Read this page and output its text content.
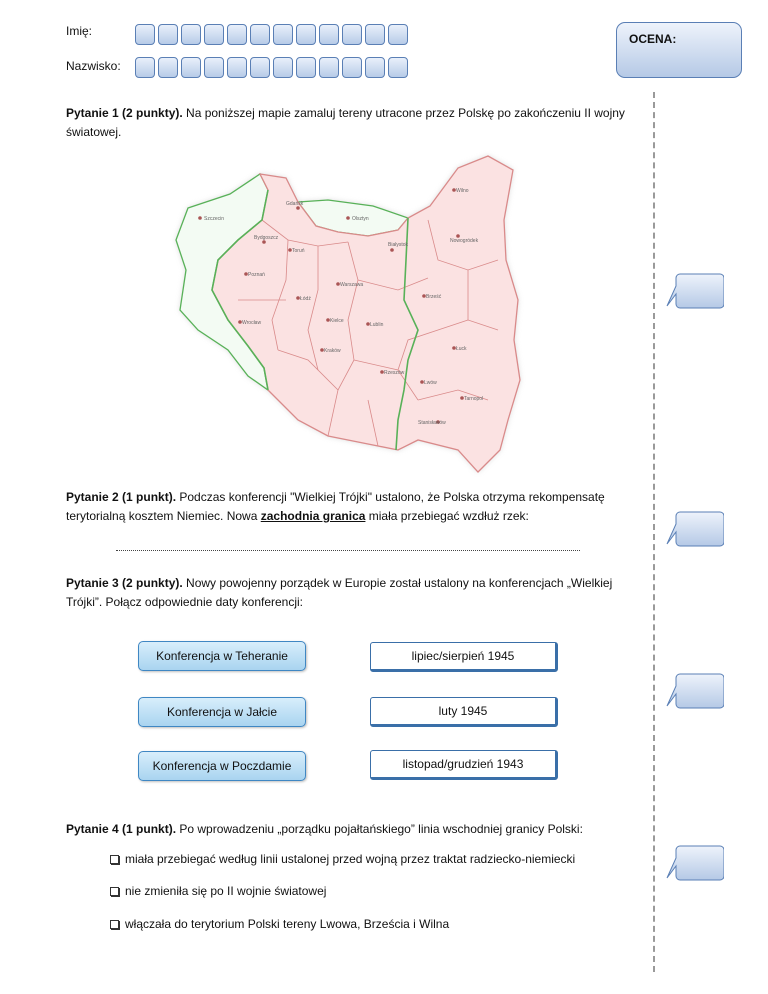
Imię:
Nazwisko:
OCENA:
Pytanie 1 (2 punkty). Na poniższej mapie zamaluj tereny utracone przez Polskę po zakończeniu II wojny światowej.
Szczecin
Gdańsk
Olsztyn
Bydgoszcz
Toruń
Poznań
Warszawa
Białystok
Wilno
Nowogródek
Brześć
Łódź
Wrocław	Kielce
Lublin
Łuck
Kraków
Rzeszów
Lwów
Tarnopol
Stanisławów
Pytanie 2 (1 punkt). Podczas konferencji "Wielkiej Trójki" ustalono, że Polska otrzyma rekompensatę terytorialną kosztem Niemiec. Nowa zachodnia granica miała przebiegać wzdłuż rzek:
Pytanie 3 (2 punkty). Nowy powojenny porządek w Europie został ustalony na konferencjach „Wielkiej Trójki”. Połącz odpowiednie daty konferencji:
Konferencja w Teheranie
Konferencja w Jałcie
Konferencja w Poczdamie
lipiec/sierpień 1945
luty 1945
listopad/grudzień 1943
Pytanie 4 (1 punkt). Po wprowadzeniu „porządku pojałtańskiego” linia wschodniej granicy Polski:
miała przebiegać według linii ustalonej przed wojną przez traktat radziecko-niemiecki
nie zmieniła się po II wojnie światowej
włączała do terytorium Polski tereny Lwowa, Brześcia i Wilna
